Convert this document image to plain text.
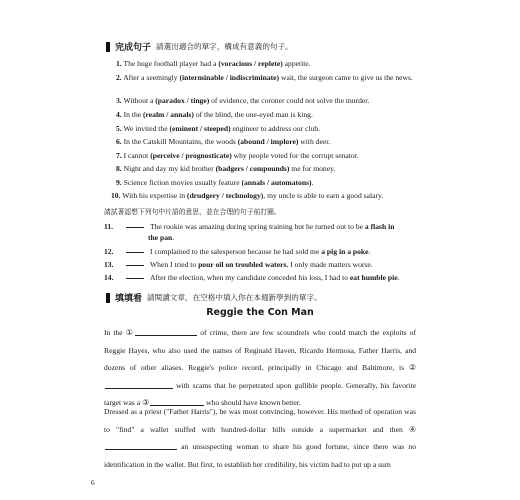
完成句子 請選出適合的單字，構成有意義的句子。
1. The huge football player had a (voracious / replete) appetite.
2. After a seemingly (interminable / indiscriminate) wait, the surgeon came to give us the news.
3. Without a (paradox / tinge) of evidence, the coroner could not solve the murder.
4. In the (realm / annals) of the blind, the one-eyed man is king.
5. We invited the (eminent / steeped) engineer to address our club.
6. In the Catskill Mountains, the woods (abound / implore) with deer.
7. I cannot (perceive / prognosticate) why people voted for the corrupt senator.
8. Night and day my kid brother (badgers / compounds) me for money.
9. Science fiction movies usually feature (annals / automatons).
10. With his expertise in (drudgery / technology), my uncle is able to earn a good salary.
請試著認想下列句中片語的意思，並在合理的句子前打圈。
11.	The rookie was amazing during spring training but he turned out to be a flash in
the pan.
12.	I complained to the salesperson because he had sold me a pig in a poke.
13.	When I tried to pour oil on troubled waters, I only made matters worse.
14.	After the election, when my candidate conceded his loss, I had to eat humble pie.
填填看 請閱讀文章，在空格中填入你在本週新學到的單字。
Reggie the Con Man
In the ①	of crime, there are few scoundrels who could match the exploits of Reggie Hayes, who also used the names of Reginald Haven, Ricardo Hermosa, Father Harris, and dozens of other aliases. Reggie's police record, principally in Chicago and Baltimore, is ② with scams that he perpetrated upon gullible people. Generally, his favorite target was a ③	who should have known better.
Dressed as a priest ("Father Harris"), he was most convincing, however. His method of operation was to "find" a wallet stuffed with hundred-dollar bills outside a supermarket and then ④ an unsuspecting woman to share his good fortune, since there was no identification in the wallet. But first, to establish her credibility, his victim had to put up a sum
6
